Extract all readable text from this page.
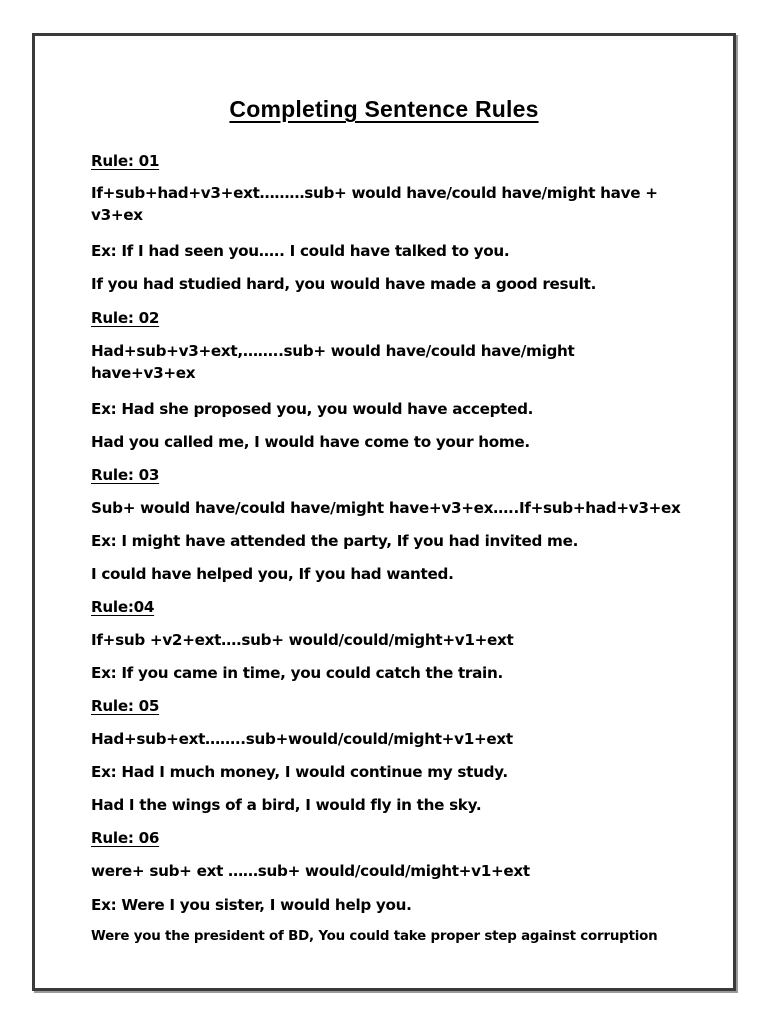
Completing Sentence Rules
Rule: 01
If+sub+had+v3+ext………sub+ would have/could have/might have + v3+ex
Ex: If I had seen you….. I could have talked to you.
If you had studied hard, you would have made a good result.
Rule: 02
Had+sub+v3+ext,……..sub+ would have/could have/might have+v3+ex
Ex: Had she proposed you, you would have accepted.
Had you called me, I would have come to your home.
Rule: 03
Sub+ would have/could have/might have+v3+ex…..If+sub+had+v3+ex
Ex: I might have attended the party, If you had invited me.
I could have helped you, If you had wanted.
Rule:04
If+sub +v2+ext….sub+ would/could/might+v1+ext
Ex: If you came in time, you could catch the train.
Rule: 05
Had+sub+ext……..sub+would/could/might+v1+ext
Ex: Had I much money, I would continue my study.
Had I the wings of a bird, I would fly in the sky.
Rule: 06
were+ sub+ ext ……sub+ would/could/might+v1+ext
Ex: Were I you sister, I would help you.
Were you the president of BD, You could take proper step against corruption
